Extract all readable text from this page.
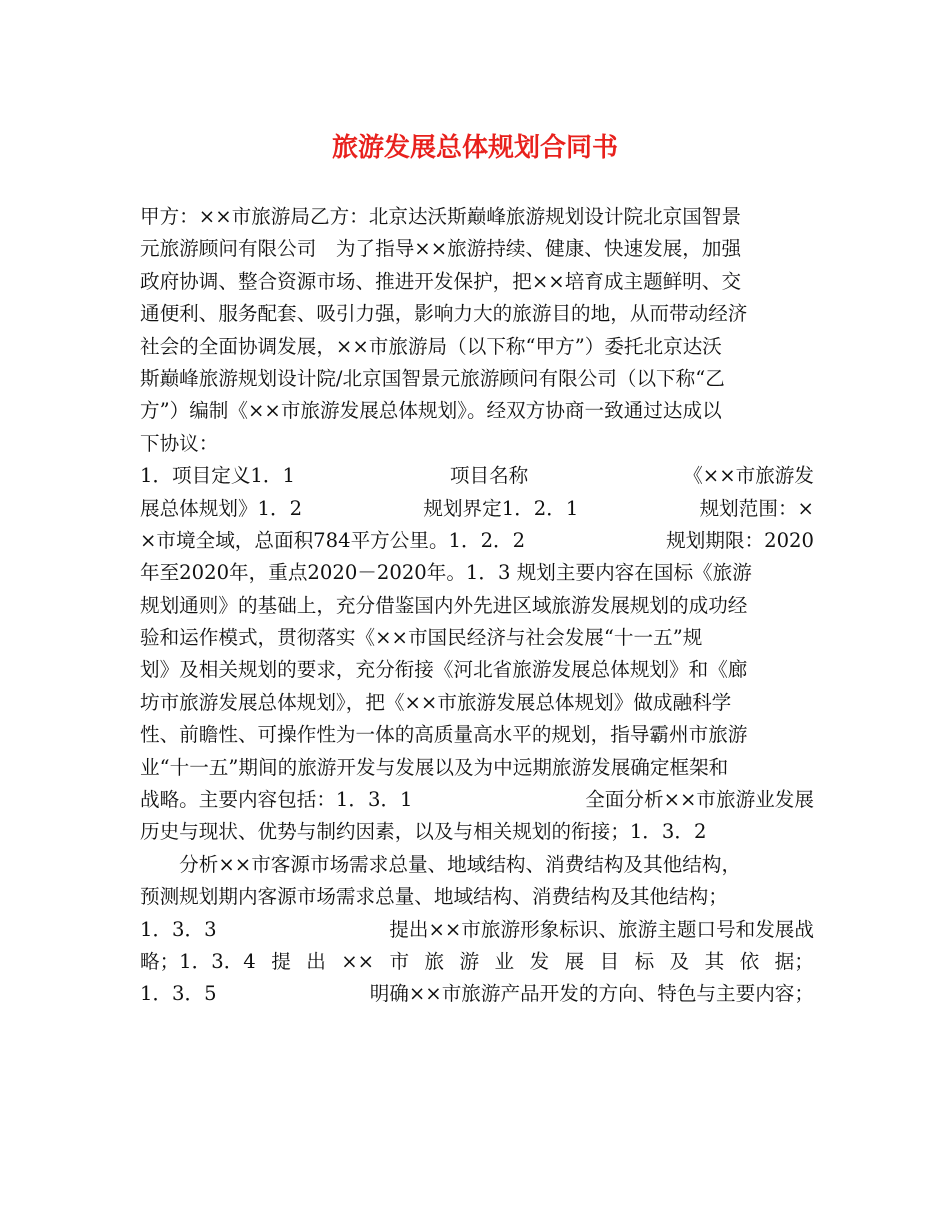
旅游发展总体规划合同书
甲方：××市旅游局乙方：北京达沃斯巅峰旅游规划设计院北京国智景
元旅游顾问有限公司　为了指导××旅游持续、健康、快速发展，加强
政府协调、整合资源市场、推进开发保护，把××培育成主题鲜明、交
通便利、服务配套、吸引力强，影响力大的旅游目的地，从而带动经济
社会的全面协调发展，××市旅游局（以下称“甲方”）委托北京达沃
斯巅峰旅游规划设计院/北京国智景元旅游顾问有限公司（以下称“乙
方”）编制《××市旅游发展总体规划》。经双方协商一致通过达成以
下协议：
1．项目定义1．1	项目名称	《××市旅游发
展总体规划》1．2	规划界定1．2．1	规划范围：×
×市境全域，总面积784平方公里。1．2．2	规划期限：2020
年至2020年，重点2020－2020年。1．3 规划主要内容在国标《旅游
规划通则》的基础上，充分借鉴国内外先进区域旅游发展规划的成功经
验和运作模式，贯彻落实《××市国民经济与社会发展“十一五”规
划》及相关规划的要求，充分衔接《河北省旅游发展总体规划》和《廊
坊市旅游发展总体规划》，把《××市旅游发展总体规划》做成融科学
性、前瞻性、可操作性为一体的高质量高水平的规划，指导霸州市旅游
业“十一五”期间的旅游开发与发展以及为中远期旅游发展确定框架和
战略。主要内容包括：1．3．1	全面分析××市旅游业发展
历史与现状、优势与制约因素，以及与相关规划的衔接；1．3．2
　　分析××市客源市场需求总量、地域结构、消费结构及其他结构，
预测规划期内客源市场需求总量、地域结构、消费结构及其他结构；
1．3．3	提出××市旅游形象标识、旅游主题口号和发展战
略；1．3．4 提 出 ×× 市 旅 游 业 发 展 目 标 及 其 依 据；
1．3．5	明确××市旅游产品开发的方向、特色与主要内容；
